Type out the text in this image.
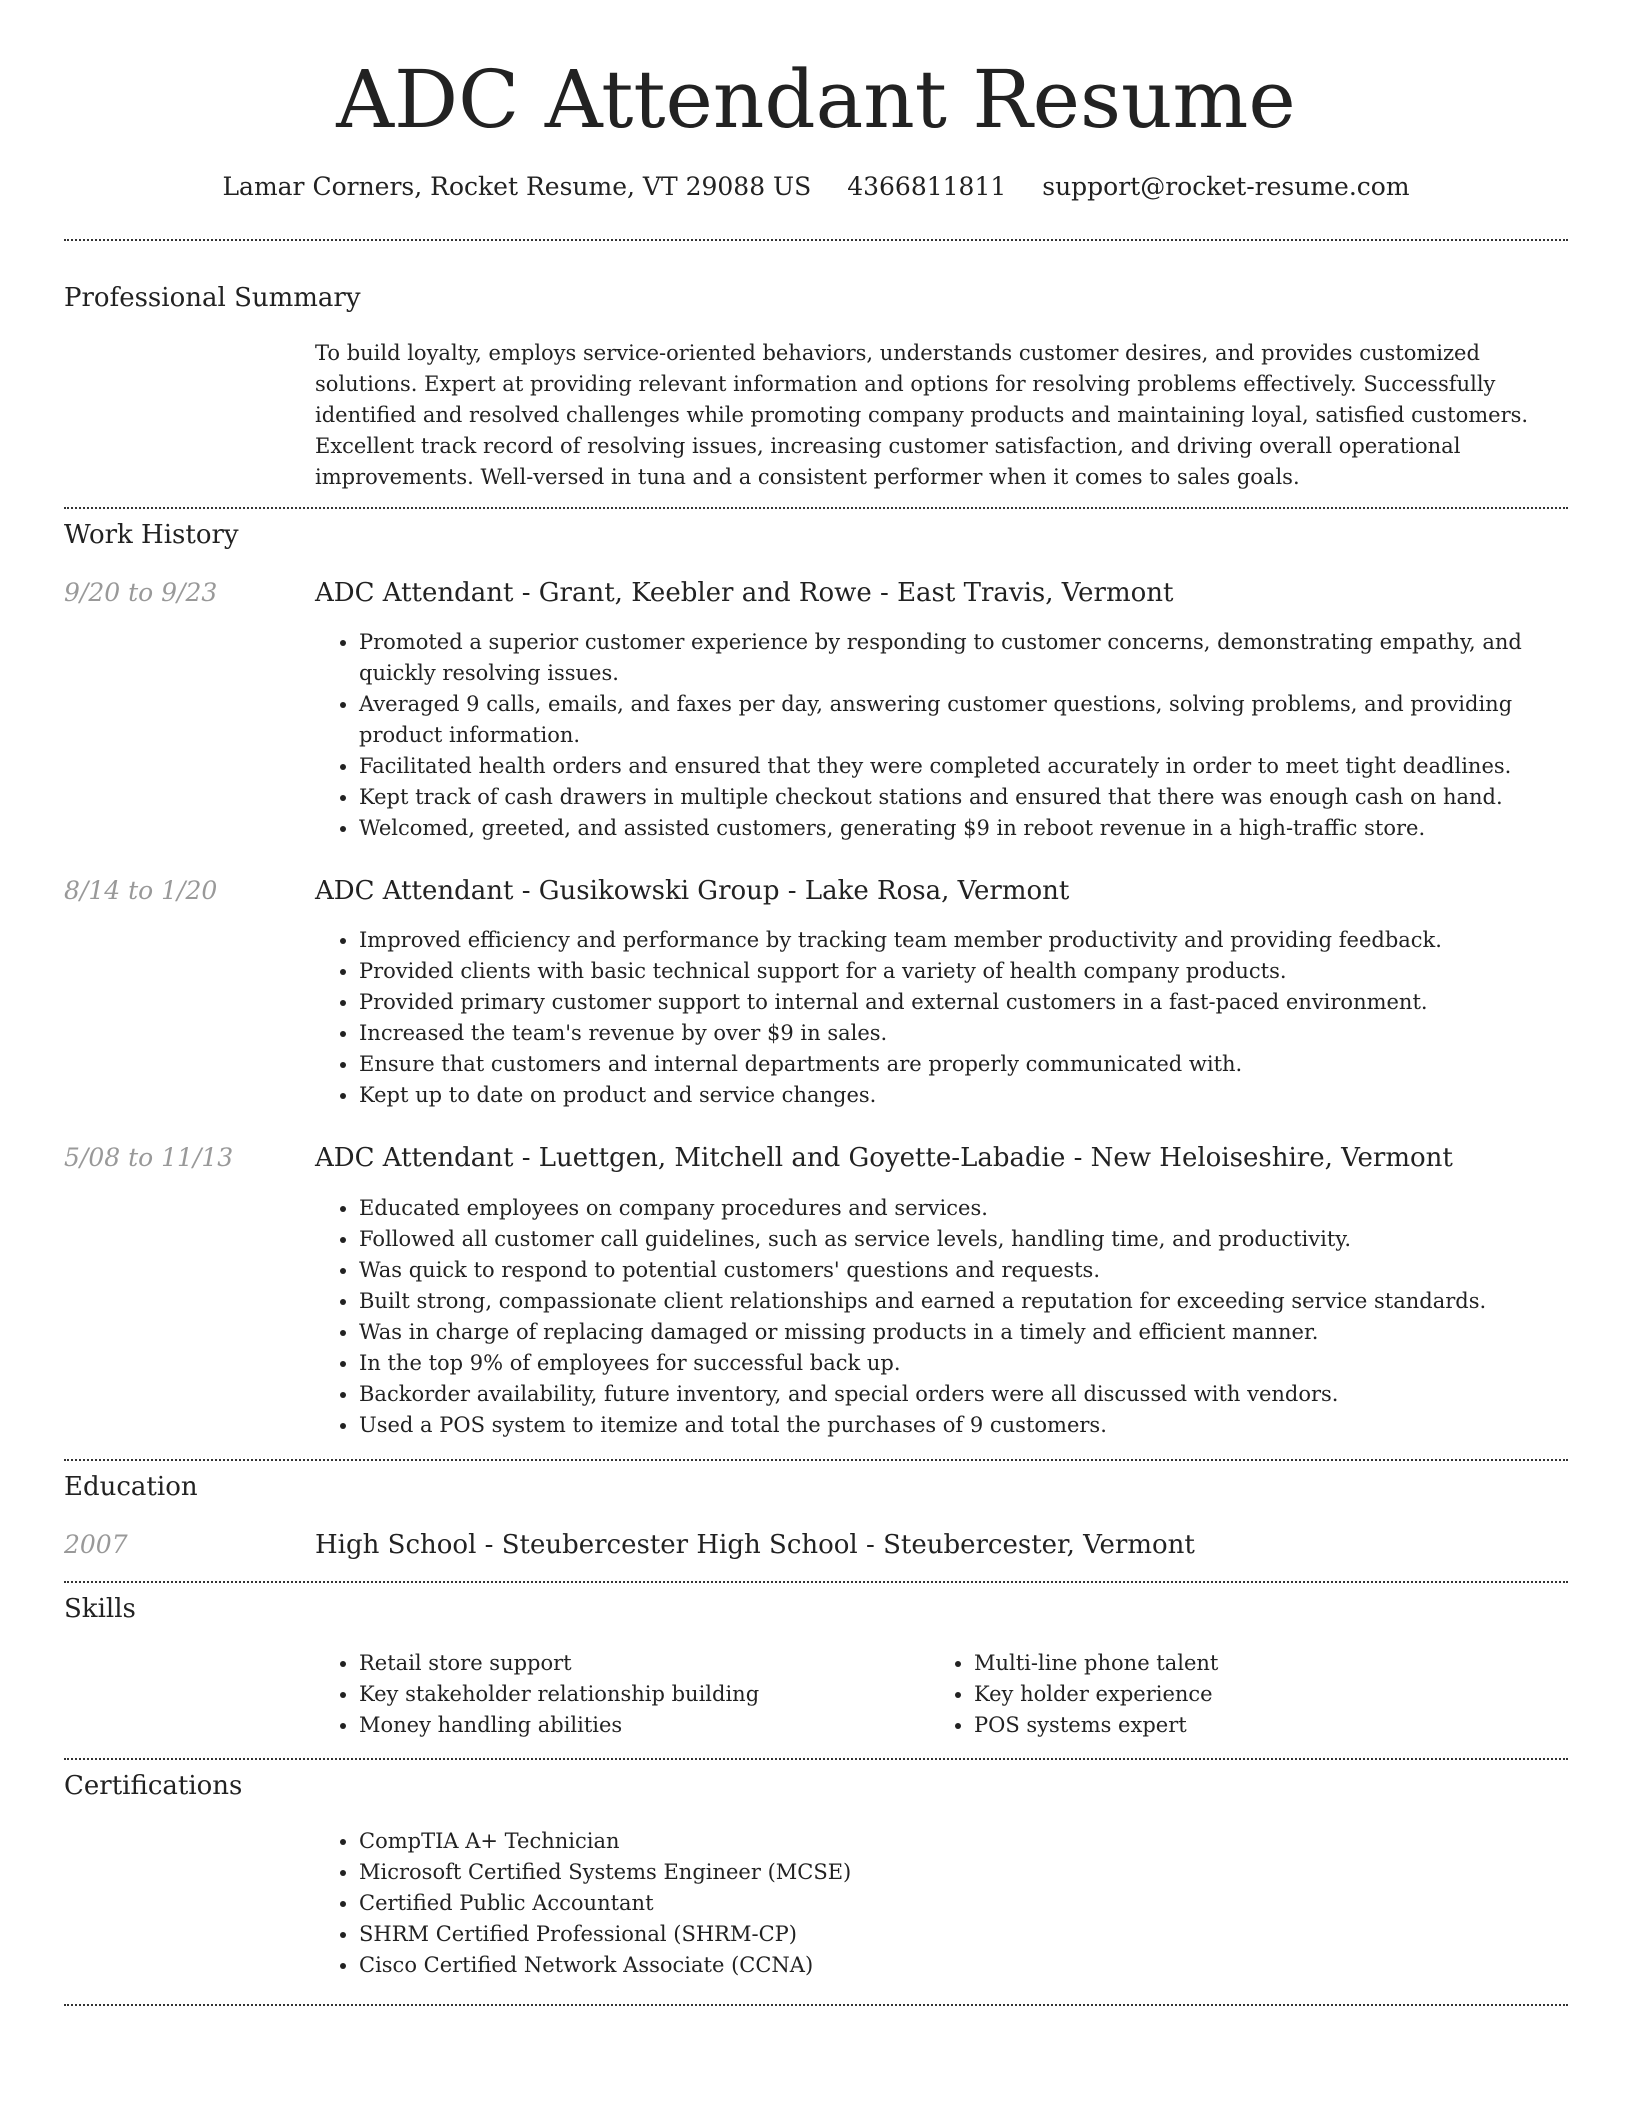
ADC Attendant Resume
Lamar Corners, Rocket Resume, VT 29088 US 4366811811 support@rocket-resume.com
Professional Summary

To build loyalty, employs service-oriented behaviors, understands customer desires, and provides customized solutions. Expert at providing relevant information and options for resolving problems effectively. Successfully identified and resolved challenges while promoting company products and maintaining loyal, satisfied customers. Excellent track record of resolving issues, increasing customer satisfaction, and driving overall operational improvements. Well-versed in tuna and a consistent performer when it comes to sales goals.

Work History
9/20 to 9/23	ADC Attendant - Grant, Keebler and Rowe - East Travis, Vermont
• Promoted a superior customer experience by responding to customer concerns, demonstrating empathy, and quickly resolving issues.
• Averaged 9 calls, emails, and faxes per day, answering customer questions, solving problems, and providing product information.
• Facilitated health orders and ensured that they were completed accurately in order to meet tight deadlines.
• Kept track of cash drawers in multiple checkout stations and ensured that there was enough cash on hand.
• Welcomed, greeted, and assisted customers, generating $9 in reboot revenue in a high-traffic store.
8/14 to 1/20	ADC Attendant - Gusikowski Group - Lake Rosa, Vermont
• Improved efficiency and performance by tracking team member productivity and providing feedback.
• Provided clients with basic technical support for a variety of health company products.
• Provided primary customer support to internal and external customers in a fast-paced environment.
• Increased the team's revenue by over $9 in sales.
• Ensure that customers and internal departments are properly communicated with.
• Kept up to date on product and service changes.
5/08 to 11/13	ADC Attendant - Luettgen, Mitchell and Goyette-Labadie - New Heloiseshire, Vermont
• Educated employees on company procedures and services.
• Followed all customer call guidelines, such as service levels, handling time, and productivity.
• Was quick to respond to potential customers' questions and requests.
• Built strong, compassionate client relationships and earned a reputation for exceeding service standards.
• Was in charge of replacing damaged or missing products in a timely and efficient manner.
• In the top 9% of employees for successful back up.
• Backorder availability, future inventory, and special orders were all discussed with vendors.
• Used a POS system to itemize and total the purchases of 9 customers.
Education
2007	High School - Steubercester High School - Steubercester, Vermont
Skills
• Retail store support
• Key stakeholder relationship building
• Money handling abilities
• Multi-line phone talent
• Key holder experience
• POS systems expert
Certifications
• CompTIA A+ Technician
• Microsoft Certified Systems Engineer (MCSE)
• Certified Public Accountant
• SHRM Certified Professional (SHRM-CP)
• Cisco Certified Network Associate (CCNA)
